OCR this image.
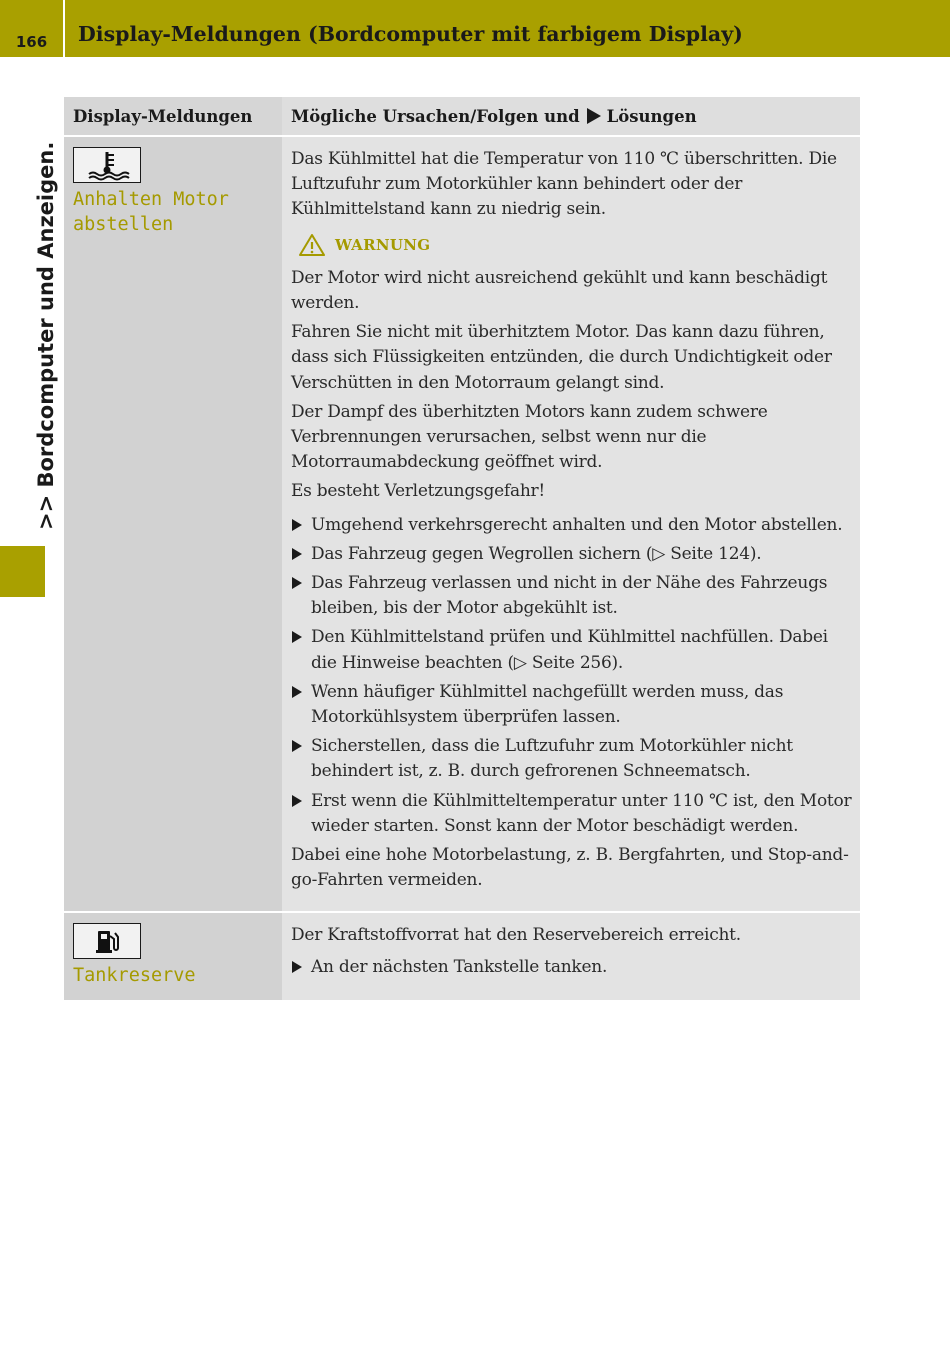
166	Display-Meldungen (Bordcomputer mit farbigem Display)
>> Bordcomputer und Anzeigen.
Display-Meldungen	Mögliche Ursachen/Folgen und Lösungen
Anhalten Motor
abstellen

Das Kühlmittel hat die Temperatur von 110 ℃ überschritten. Die Luftzufuhr zum Motorkühler kann behindert oder der Kühlmittelstand kann zu niedrig sein.

WARNUNG

Der Motor wird nicht ausreichend gekühlt und kann beschädigt werden.

Fahren Sie nicht mit überhitztem Motor. Das kann dazu führen, dass sich Flüssigkeiten entzünden, die durch Undichtigkeit oder Verschütten in den Motorraum gelangt sind.

Der Dampf des überhitzten Motors kann zudem schwere Verbrennungen verursachen, selbst wenn nur die Motorraumabdeckung geöffnet wird.

Es besteht Verletzungsgefahr!

Umgehend verkehrsgerecht anhalten und den Motor abstellen.
Das Fahrzeug gegen Wegrollen sichern (▷ Seite 124).
Das Fahrzeug verlassen und nicht in der Nähe des Fahrzeugs bleiben, bis der Motor abgekühlt ist.
Den Kühlmittelstand prüfen und Kühlmittel nachfüllen. Dabei die Hinweise beachten (▷ Seite 256).
Wenn häufiger Kühlmittel nachgefüllt werden muss, das Motorkühlsystem überprüfen lassen.
Sicherstellen, dass die Luftzufuhr zum Motorkühler nicht behindert ist, z. B. durch gefrorenen Schneematsch.
Erst wenn die Kühlmitteltemperatur unter 110 ℃ ist, den Motor wieder starten. Sonst kann der Motor beschädigt werden.

Dabei eine hohe Motorbelastung, z. B. Bergfahrten, und Stop-and-go-Fahrten vermeiden.

Tankreserve

Der Kraftstoffvorrat hat den Reservebereich erreicht.

An der nächsten Tankstelle tanken.
